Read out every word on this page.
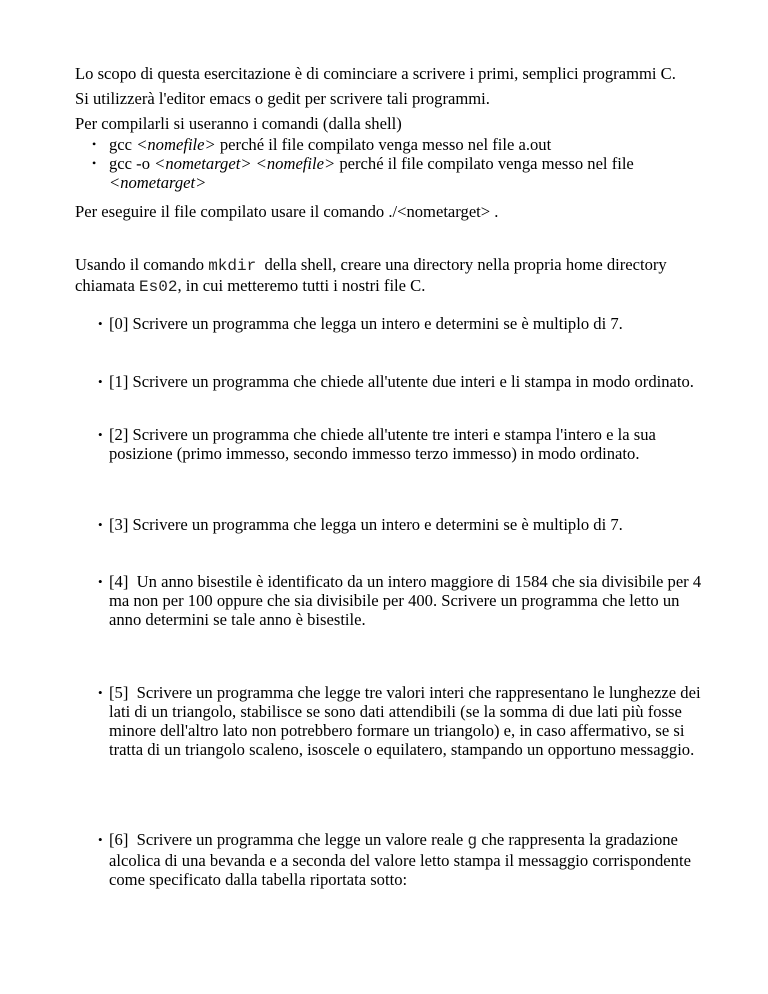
Lo scopo di questa esercitazione è di cominciare a scrivere i primi, semplici programmi C.

Si utilizzerà l'editor emacs o gedit per scrivere tali programmi.

Per compilarli si useranno i comandi (dalla shell)

• gcc <nomefile> perché il file compilato venga messo nel file a.out
• gcc -o <nometarget> <nomefile> perché il file compilato venga messo nel file <nometarget>

Per eseguire il file compilato usare il comando ./<nometarget> .

Usando il comando mkdir  della shell, creare una directory nella propria home directory chiamata Es02, in cui metteremo tutti i nostri file C.

• [0] Scrivere un programma che legga un intero e determini se è multiplo di 7.
• [1] Scrivere un programma che chiede all'utente due interi e li stampa in modo ordinato.
• [2] Scrivere un programma che chiede all'utente tre interi e stampa l'intero e la sua posizione (primo immesso, secondo immesso terzo immesso) in modo ordinato.
• [3] Scrivere un programma che legga un intero e determini se è multiplo di 7.
• [4]  Un anno bisestile è identificato da un intero maggiore di 1584 che sia divisibile per 4 ma non per 100 oppure che sia divisibile per 400. Scrivere un programma che letto un anno determini se tale anno è bisestile.
• [5]  Scrivere un programma che legge tre valori interi che rappresentano le lunghezze dei lati di un triangolo, stabilisce se sono dati attendibili (se la somma di due lati più fosse minore dell'altro lato non potrebbero formare un triangolo) e, in caso affermativo, se si tratta di un triangolo scaleno, isoscele o equilatero, stampando un opportuno messaggio.
• [6]  Scrivere un programma che legge un valore reale g che rappresenta la gradazione alcolica di una bevanda e a seconda del valore letto stampa il messaggio corrispondente come specificato dalla tabella riportata sotto:
